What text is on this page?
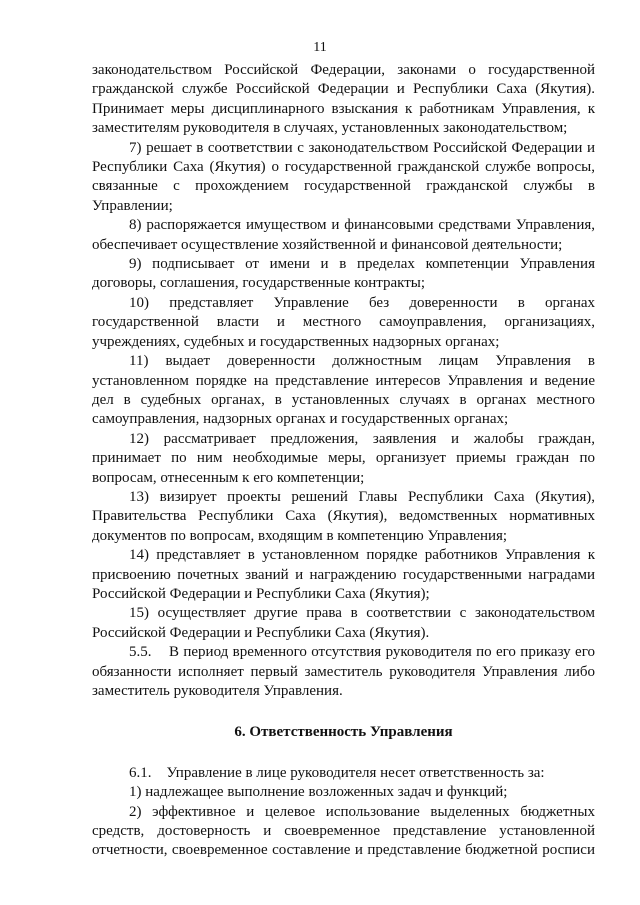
11

законодательством Российской Федерации, законами о государственной гражданской службе Российской Федерации и Республики Саха (Якутия). Принимает меры дисциплинарного взыскания к работникам Управления, к заместителям руководителя в случаях, установленных законодательством;

7) решает в соответствии с законодательством Российской Федерации и Республики Саха (Якутия) о государственной гражданской службе вопросы, связанные с прохождением государственной гражданской службы в Управлении;

8) распоряжается имуществом и финансовыми средствами Управления, обеспечивает осуществление хозяйственной и финансовой деятельности;

9) подписывает от имени и в пределах компетенции Управления договоры, соглашения, государственные контракты;

10) представляет Управление без доверенности в органах государственной власти и местного самоуправления, организациях, учреждениях, судебных и государственных надзорных органах;

11) выдает доверенности должностным лицам Управления в установленном порядке на представление интересов Управления и ведение дел в судебных органах, в установленных случаях в органах местного самоуправления, надзорных органах и государственных органах;

12) рассматривает предложения, заявления и жалобы граждан, принимает по ним необходимые меры, организует приемы граждан по вопросам, отнесенным к его компетенции;

13) визирует проекты решений Главы Республики Саха (Якутия), Правительства Республики Саха (Якутия), ведомственных нормативных документов по вопросам, входящим в компетенцию Управления;

14) представляет в установленном порядке работников Управления к присвоению почетных званий и награждению государственными наградами Российской Федерации и Республики Саха (Якутия);

15) осуществляет другие права в соответствии с законодательством Российской Федерации и Республики Саха (Якутия).

5.5.    В период временного отсутствия руководителя по его приказу его обязанности исполняет первый заместитель руководителя Управления либо заместитель руководителя Управления.

6. Ответственность Управления

6.1.    Управление в лице руководителя несет ответственность за:

1) надлежащее выполнение возложенных задач и функций;

2) эффективное и целевое использование выделенных бюджетных средств, достоверность и своевременное представление установленной отчетности, своевременное составление и представление бюджетной росписи
